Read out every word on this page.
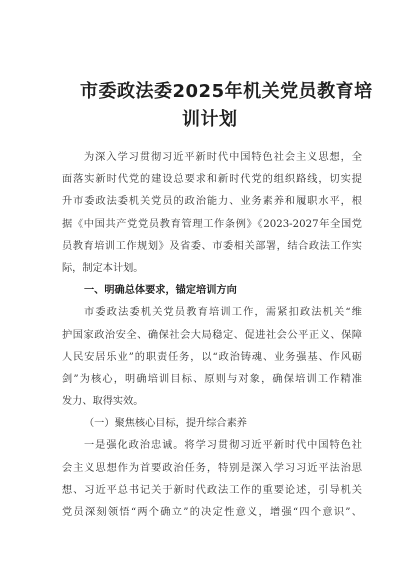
市委政法委2025年机关党员教育培
训计划
为深入学习贯彻习近平新时代中国特色社会主义思想，全
面落实新时代党的建设总要求和新时代党的组织路线，切实提
升市委政法委机关党员的政治能力、业务素养和履职水平，根
据《中国共产党党员教育管理工作条例》《2023-2027年全国党
员教育培训工作规划》及省委、市委相关部署，结合政法工作实
际，制定本计划。
一、明确总体要求，锚定培训方向
市委政法委机关党员教育培训工作，需紧扣政法机关“维
护国家政治安全、确保社会大局稳定、促进社会公平正义、保障
人民安居乐业”的职责任务，以“政治铸魂、业务强基、作风砺
剑”为核心，明确培训目标、原则与对象，确保培训工作精准
发力、取得实效。
（一）聚焦核心目标，提升综合素养
一是强化政治忠诚。将学习贯彻习近平新时代中国特色社
会主义思想作为首要政治任务，特别是深入学习习近平法治思
想、习近平总书记关于新时代政法工作的重要论述，引导机关
党员深刻领悟“两个确立”的决定性意义，增强“四个意识”、
